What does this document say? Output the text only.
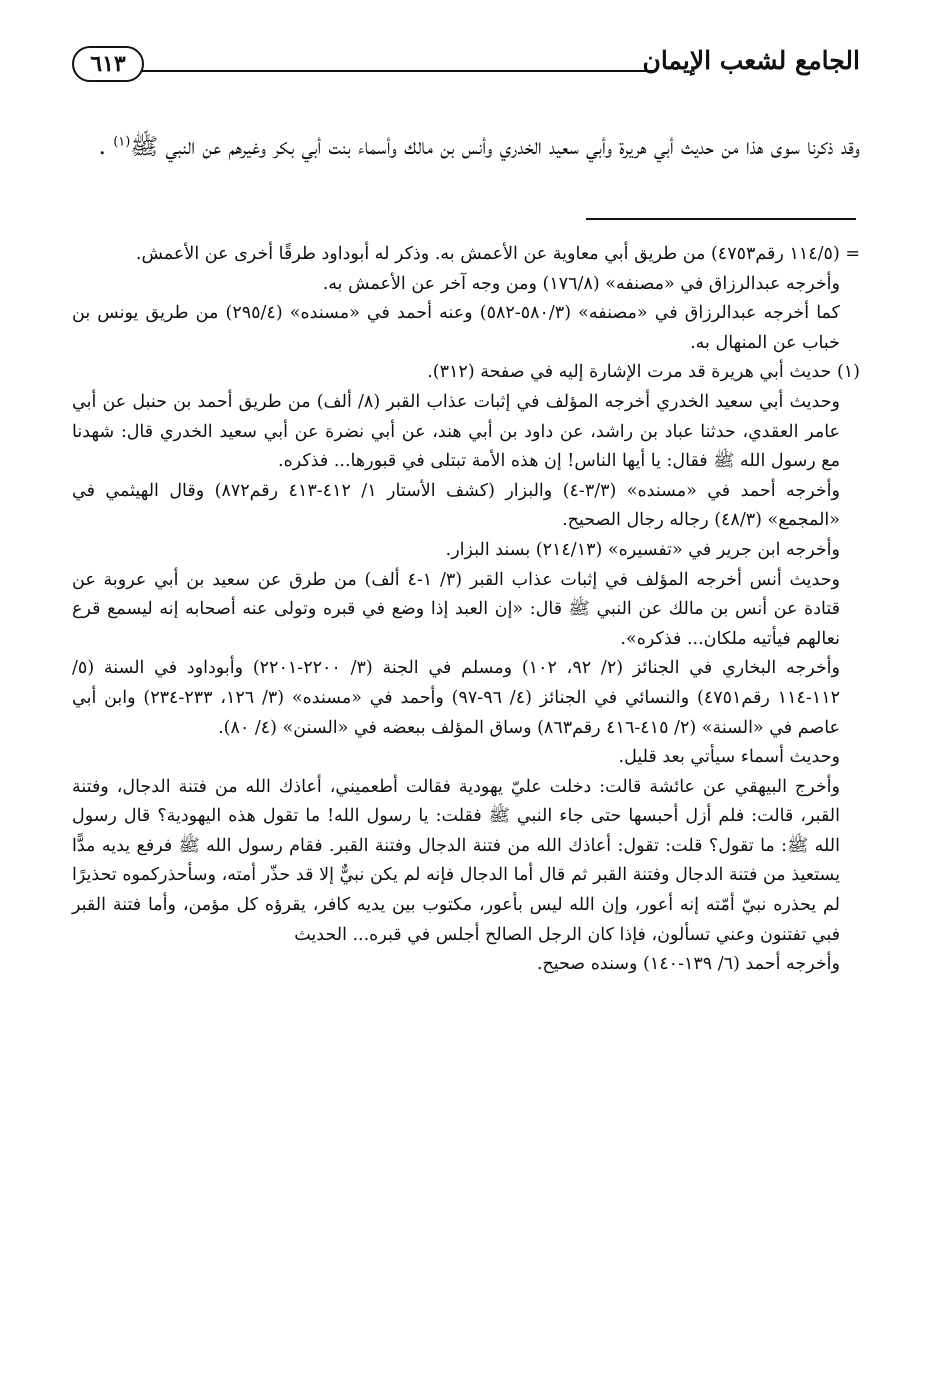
الجامع لشعب الإيمان
٦١٣
وقد ذكرنا سوى هذا من حديث أبي هريرة وأبي سعيد الخدري وأنس بن مالك وأسماء بنت أبي بكر وغيرهم عن النبي ﷺ$^{(١)}$ .

= (١١٤/٥ رقم٤٧٥٣) من طريق أبي معاوية عن الأعمش به. وذكر له أبوداود طرقًا أخرى عن الأعمش.

وأخرجه عبدالرزاق في «مصنفه» (١٧٦/٨) ومن وجه آخر عن الأعمش به.

كما أخرجه عبدالرزاق في «مصنفه» (٥٨٠/٣-٥٨٢) وعنه أحمد في «مسنده» (٢٩٥/٤) من طريق يونس بن خباب عن المنهال به.

(١) حديث أبي هريرة قد مرت الإشارة إليه في صفحة (٣١٢).

وحديث أبي سعيد الخدري أخرجه المؤلف في إثبات عذاب القبر (٨/ ألف) من طريق أحمد بن حنبل عن أبي عامر العقدي، حدثنا عباد بن راشد، عن داود بن أبي هند، عن أبي نضرة عن أبي سعيد الخدري قال: شهدنا مع رسول الله ﷺ فقال: يا أيها الناس! إن هذه الأمة تبتلى في قبورها... فذكره.

وأخرجه أحمد في «مسنده» (٣/٣-٤) والبزار (كشف الأستار ١/ ٤١٢-٤١٣ رقم٨٧٢) وقال الهيثمي في «المجمع» (٤٨/٣) رجاله رجال الصحيح.

وأخرجه ابن جرير في «تفسيره» (٢١٤/١٣) بسند البزار.

وحديث أنس أخرجه المؤلف في إثبات عذاب القبر (٣/ ١-٤ ألف) من طرق عن سعيد بن أبي عروبة عن قتادة عن أنس بن مالك عن النبي ﷺ قال: «إن العبد إذا وضع في قبره وتولى عنه أصحابه إنه ليسمع قرع نعالهم فيأتيه ملكان... فذكره».

وأخرجه البخاري في الجنائز (٢/ ٩٢، ١٠٢) ومسلم في الجنة (٣/ ٢٢٠٠-٢٢٠١) وأبوداود في السنة (٥/ ١١٢-١١٤ رقم٤٧٥١) والنسائي في الجنائز (٤/ ٩٦-٩٧) وأحمد في «مسنده» (٣/ ١٢٦، ٢٣٣-٢٣٤) وابن أبي عاصم في «السنة» (٢/ ٤١٥-٤١٦ رقم٨٦٣) وساق المؤلف ببعضه في «السنن» (٤/ ٨٠).

وحديث أسماء سيأتي بعد قليل.

وأخرج البيهقي عن عائشة قالت: دخلت عليّ يهودية فقالت أطعميني، أعاذك الله من فتنة الدجال، وفتنة القبر، قالت: فلم أزل أحبسها حتى جاء النبي ﷺ فقلت: يا رسول الله! ما تقول هذه اليهودية؟ قال رسول الله ﷺ: ما تقول؟ قلت: تقول: أعاذك الله من فتنة الدجال وفتنة القبر. فقام رسول الله ﷺ فرفع يديه مدًّا يستعيذ من فتنة الدجال وفتنة القبر ثم قال أما الدجال فإنه لم يكن نبيٌّ إلا قد حذّر أمته، وسأحذركموه تحذيرًا لم يحذره نبيّ أمّته إنه أعور، وإن الله ليس بأعور، مكتوب بين يديه كافر، يقرؤه كل مؤمن، وأما فتنة القبر فبي تفتنون وعني تسألون، فإذا كان الرجل الصالح أجلس في قبره... الحديث

وأخرجه أحمد (٦/ ١٣٩-١٤٠) وسنده صحيح.
